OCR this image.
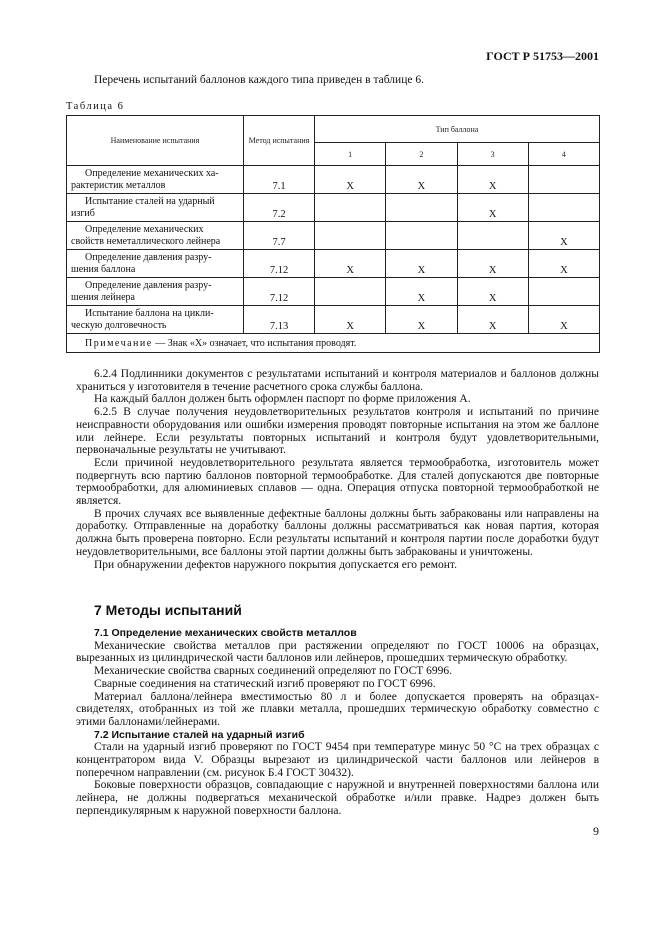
ГОСТ Р 51753—2001
Перечень испытаний баллонов каждого типа приведен в таблице 6.
Таблица 6
Наименование испытания	Метод испытания	Тип баллона			
		1	2	3	4
Определение механических ха-
рактеристик металлов	7.1	X	X	X	
Испытание сталей на ударный
изгиб	7.2			X	
Определение механических
свойств неметаллического лейнера	7.7				X
Определение давления разру-
шения баллона	7.12	X	X	X	X
Определение давления разру-
шения лейнера	7.12		X	X	
Испытание баллона на цикли-
ческую долговечность	7.13	X	X	X	X
Примечание — Знак «Х» означает, что испытания проводят.					

6.2.4 Подлинники документов с результатами испытаний и контроля материалов и баллонов должны храниться у изготовителя в течение расчетного срока службы баллона.

На каждый баллон должен быть оформлен паспорт по форме приложения А.

6.2.5 В случае получения неудовлетворительных результатов контроля и испытаний по причине неисправности оборудования или ошибки измерения проводят повторные испытания на этом же баллоне или лейнере. Если результаты повторных испытаний и контроля будут удовлетворительными, первоначальные результаты не учитывают.

Если причиной неудовлетворительного результата является термообработка, изготовитель может подвергнуть всю партию баллонов повторной термообработке. Для сталей допускаются две повторные термообработки, для алюминиевых сплавов — одна. Операция отпуска повторной термообработкой не является.

В прочих случаях все выявленные дефектные баллоны должны быть забракованы или направлены на доработку. Отправленные на доработку баллоны должны рассматриваться как новая партия, которая должна быть проверена повторно. Если результаты испытаний и контроля партии после доработки будут неудовлетворительными, все баллоны этой партии должны быть забракованы и уничтожены.

При обнаружении дефектов наружного покрытия допускается его ремонт.

7 Методы испытаний

7.1 Определение механических свойств металлов

Механические свойства металлов при растяжении определяют по ГОСТ 10006 на образцах, вырезанных из цилиндрической части баллонов или лейнеров, прошедших термическую обработку.

Механические свойства сварных соединений определяют по ГОСТ 6996.

Сварные соединения на статический изгиб проверяют по ГОСТ 6996.

Материал баллона/лейнера вместимостью 80 л и более допускается проверять на образцах-свидетелях, отобранных из той же плавки металла, прошедших термическую обработку совместно с этими баллонами/лейнерами.

7.2 Испытание сталей на ударный изгиб

Стали на ударный изгиб проверяют по ГОСТ 9454 при температуре минус 50 °С на трех образцах с концентратором вида V. Образцы вырезают из цилиндрической части баллонов или лейнеров в поперечном направлении (см. рисунок Б.4 ГОСТ 30432).

Боковые поверхности образцов, совпадающие с наружной и внутренней поверхностями баллона или лейнера, не должны подвергаться механической обработке и/или правке. Надрез должен быть перпендикулярным к наружной поверхности баллона.

9
